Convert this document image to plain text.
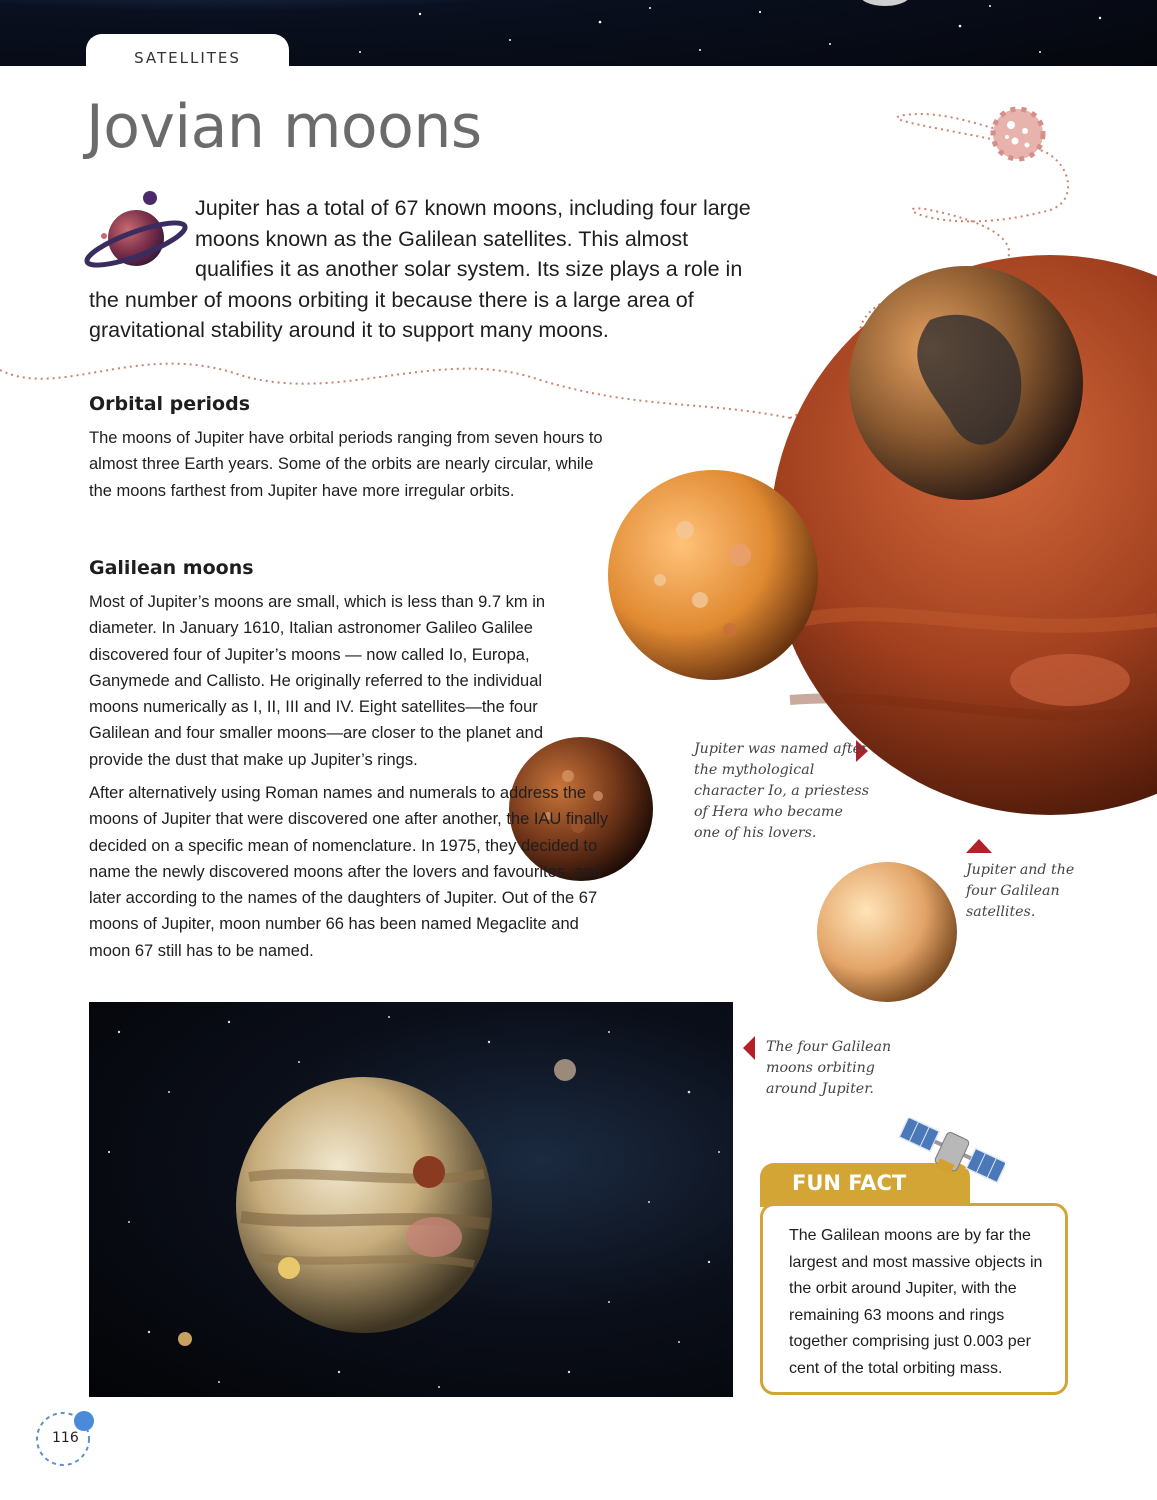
SATELLITES
Jovian moons

Jupiter has a total of 67 known moons, including four large moons known as the Galilean satellites. This almost qualifies it as another solar system. Its size plays a role in the number of moons orbiting it because there is a large area of gravitational stability around it to support many moons.

Orbital periods

The moons of Jupiter have orbital periods ranging from seven hours to almost three Earth years. Some of the orbits are nearly circular, while the moons farthest from Jupiter have more irregular orbits.

Galilean moons

Most of Jupiter’s moons are small, which is less than 9.7 km in diameter. In January 1610, Italian astronomer Galileo Galilee discovered four of Jupiter’s moons — now called Io, Europa, Ganymede and Callisto. He originally referred to the individual moons numerically as I, II, III and IV. Eight satellites—the four Galilean and four smaller moons—are closer to the planet and provide the dust that make up Jupiter’s rings.

After alternatively using Roman names and numerals to address the moons of Jupiter that were discovered one after another, the IAU finally decided on a specific mean of nomenclature. In 1975, they decided to name the newly discovered moons after the lovers and favourites, and later according to the names of the daughters of Jupiter. Out of the 67 moons of Jupiter, moon number 66 has been named Megaclite and moon 67 still has to be named.

Jupiter was named after the mythological character Io, a priestess of Hera who became one of his lovers.

Jupiter and the four Galilean satellites.

The four Galilean moons orbiting around Jupiter.

FUN FACT

The Galilean moons are by far the largest and most massive objects in the orbit around Jupiter, with the remaining 63 moons and rings together comprising just 0.003 per cent of the total orbiting mass.

116
